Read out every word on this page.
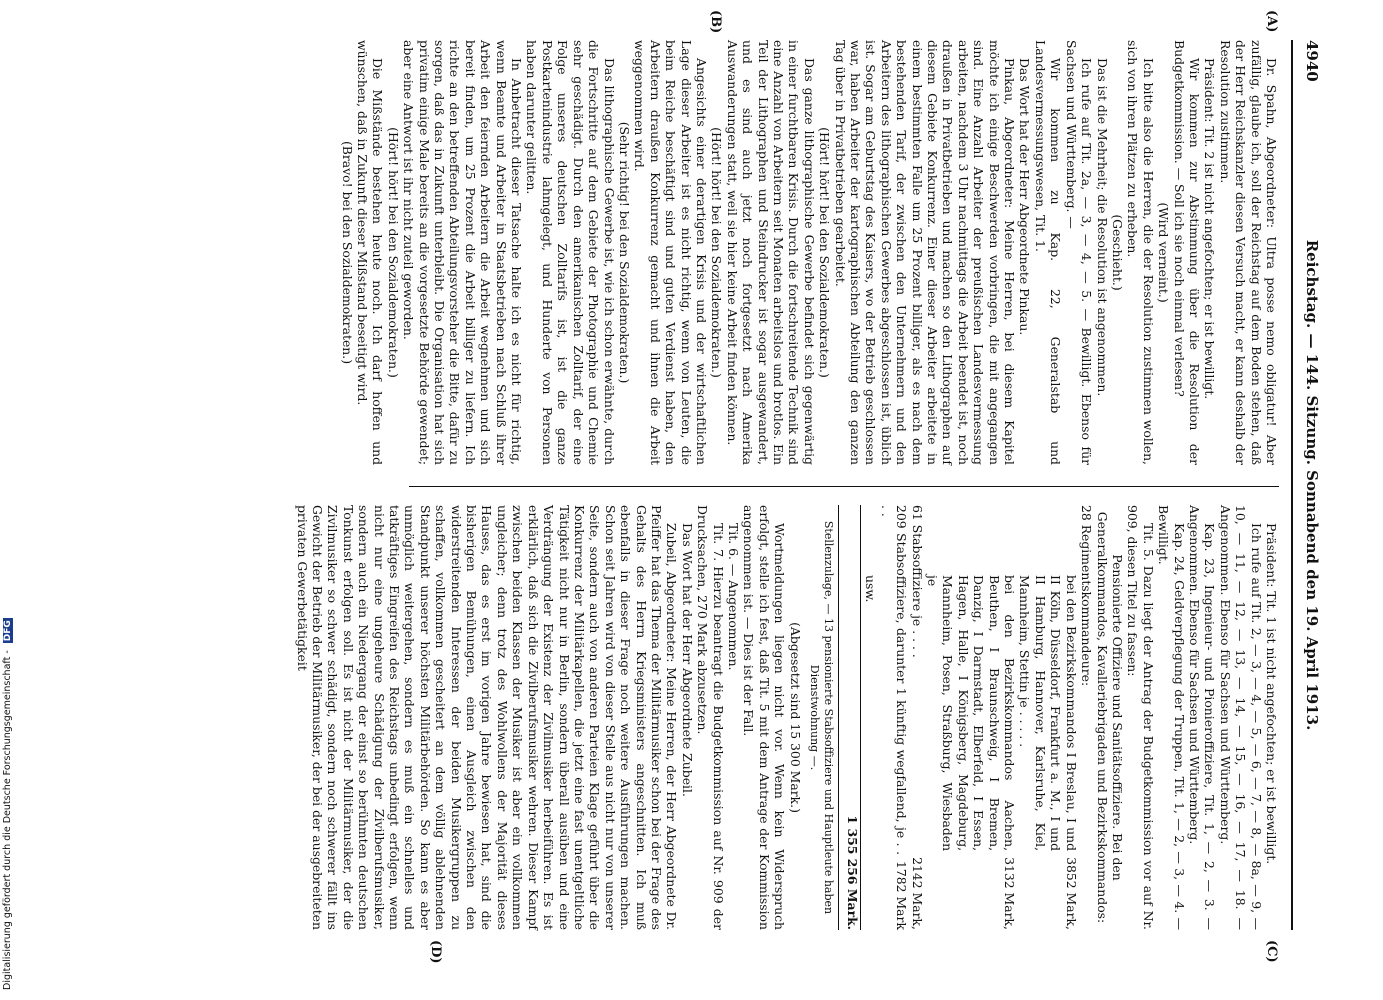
4940
Reichstag. — 144. Sitzung. Sonnabend den 19. April 1913.
(A)
(B)
(C)
(D)

Dr. Spahn, Abgeordneter: Ultra posse nemo obligatur! Aber zufällig, glaube ich, soll der Reichstag auf dem Boden stehen, daß der Herr Reichskanzler diesen Versuch macht, er kann deshalb der Resolution zustimmen.

Präsident: Tit. 2 ist nicht angefochten; er ist bewilligt.

Wir kommen zur Abstimmung über die Resolution der Budgetkommission. — Soll ich sie noch einmal verlesen?

(Wird verneint.)

Ich bitte also die Herren, die der Resolution zustimmen wollen, sich von ihren Plätzen zu erheben.

(Geschieht.)

Das ist die Mehrheit; die Resolution ist angenommen.

Ich rufe auf Tit. 2a, — 3, — 4, — 5. — Bewilligt. Ebenso für Sachsen und Württemberg. —

Wir kommen zu Kap. 22, Generalstab und Landesvermessungswesen, Tit. 1.

Das Wort hat der Herr Abgeordnete Pinkau.

Pinkau, Abgeordneter: Meine Herren, bei diesem Kapitel möchte ich einige Beschwerden vorbringen, die mit angegangen sind. Eine Anzahl Arbeiter der preußischen Landesvermessung arbeiten, nachdem 3 Uhr nachmittags die Arbeit beendet ist, noch draußen in Privatbetrieben und machen so den Lithographen auf diesem Gebiete Konkurrenz. Einer dieser Arbeiter arbeitete in einem bestimmten Falle um 25 Prozent billiger, als es nach dem bestehenden Tarif, der zwischen den Unternehmern und den Arbeitern des lithographischen Gewerbes abgeschlossen ist, üblich ist. Sogar am Geburtstag des Kaisers, wo der Betrieb geschlossen war, haben Arbeiter der kartographischen Abteilung den ganzen Tag über in Privatbetrieben gearbeitet.

(Hört! hört! bei den Sozialdemokraten.)

Das ganze lithographische Gewerbe befindet sich gegenwärtig in einer furchtbaren Krisis. Durch die fortschreitende Technik sind eine Anzahl von Arbeitern seit Monaten arbeitslos und brotlos. Ein Teil der Lithographen und Steindrucker ist sogar ausgewandert, und es sind auch jetzt noch fortgesetzt nach Amerika Auswanderungen statt, weil sie hier keine Arbeit finden können.

(Hört! hört! bei den Sozialdemokraten.)

Angesichts einer derartigen Krisis und der wirtschaftlichen Lage dieser Arbeiter ist es nicht richtig, wenn von Leuten, die beim Reiche beschäftigt sind und guten Verdienst haben, den Arbeitern draußen Konkurrenz gemacht und ihnen die Arbeit weggenommen wird.

(Sehr richtig! bei den Sozialdemokraten.)

Das lithographische Gewerbe ist, wie ich schon erwähnte, durch die Fortschritte auf dem Gebiete der Photographie und Chemie sehr geschädigt. Durch den amerikanischen Zolltarif, der eine Folge unseres deutschen Zolltarifs ist, ist die ganze Postkartenindustrie lahmgelegt, und Hunderte von Personen haben darunter gelitten.

In Anbetracht dieser Tatsache halte ich es nicht für richtig, wenn Beamte und Arbeiter in Staatsbetrieben nach Schluß ihrer Arbeit den feiernden Arbeitern die Arbeit wegnehmen und sich bereit finden, um 25 Prozent die Arbeit billiger zu liefern. Ich richte an den betreffenden Abteilungsvorsteher die Bitte, dafür zu sorgen, daß das in Zukunft unterbleibt. Die Organisation hat sich privatim einige Male bereits an die vorgesetzte Behörde gewendet; aber eine Antwort ist ihr nicht zuteil geworden.

(Hört! hört! bei den Sozialdemokraten.)

Die Mißstände bestehen heute noch. Ich darf hoffen und wünschen, daß in Zukunft dieser Mißstand beseitigt wird.

(Bravo! bei den Sozialdemokraten.)

Präsident: Tit. 1 ist nicht angefochten; er ist bewilligt.

Ich rufe auf Tit. 2, — 3, — 4, — 5, — 6, — 7, — 8, — 8a, — 9, — 10, — 11, — 12, — 13, — 14, — 15, — 16, — 17, — 18. — Angenommen. Ebenso für Sachsen und Württemberg.

Kap. 23, Ingenieur- und Pionieroffiziere, Tit. 1, — 2, — 3. — Angenommen. Ebenso für Sachsen und Württemberg.

Kap. 24, Geldverpflegung der Truppen, Tit. 1, — 2, — 3, — 4. — Bewilligt.

Tit. 5. Dazu liegt der Antrag der Budgetkommission vor auf Nr. 909, diesen Titel zu fassen:

Pensionierte Offiziere und Sanitätsoffiziere. Bei den Generalkommandos, Kavalleriebrigaden und Bezirkskommandos:

28 Regimentskommandeure:

bei den Bezirkskommandos I Breslau, I und II Köln, Düsseldorf, Frankfurt a. M., I und II Hamburg, Hannover, Karlsruhe, Kiel, Mannheim, Stettin je . . . . .
3852 Mark,
bei den Bezirkskommandos Aachen, Beuthen, I Braunschweig, I Bremen, Danzig, I Darmstadt, Elberfeld, I Essen, Hagen, Halle, I Königsberg, Magdeburg, Mannheim, Posen, Straßburg, Wiesbaden je
3132 Mark,
61 Stabsoffiziere je . . . .
2142 Mark,
209 Stabsoffiziere, darunter 1 künftig wegfallend, je . . . .
1782 Mark

usw.

1 355 256 Mark.
Stellenzulage, — 13 pensionierte Stabsoffiziere und Hauptleute haben Dienstwohnung —.

(Abgesetzt sind 15 300 Mark.)

Wortmeldungen liegen nicht vor. Wenn kein Widerspruch erfolgt, stelle ich fest, daß Tit. 5 mit dem Antrage der Kommission angenommen ist. — Dies ist der Fall.

Tit. 6. — Angenommen.

Tit. 7. Hierzu beantragt die Budgetkommission auf Nr. 909 der Drucksachen, 270 Mark abzusetzen.

Das Wort hat der Herr Abgeordnete Zubeil.

Zubeil, Abgeordneter: Meine Herren, der Herr Abgeordnete Dr. Pfeiffer hat das Thema der Militärmusiker schon bei der Frage des Gehalts des Herrn Kriegsministers angeschnitten. Ich muß ebenfalls in dieser Frage noch weitere Ausführungen machen. Schon seit Jahren wird von dieser Stelle aus nicht nur von unserer Seite, sondern auch von anderen Parteien Klage geführt über die Konkurrenz der Militärkapellen, die jetzt eine fast unentgeltliche Tätigkeit nicht nur in Berlin, sondern überall ausüben und eine Verdrängung der Existenz der Zivilmusiker herbeiführen. Es ist erklärlich, daß sich die Zivilberufsmusiker wehren. Dieser Kampf zwischen beiden Klassen der Musiker ist aber ein vollkommen ungleicher; denn trotz des Wohlwollens der Majorität dieses Hauses, das es erst im vorigen Jahre bewiesen hat, sind die bisherigen Bemühungen, einen Ausgleich zwischen den widerstreitenden Interessen der beiden Musikergruppen zu schaffen, vollkommen gescheitert an dem völlig ablehnenden Standpunkt unserer höchsten Militärbehörden. So kann es aber unmöglich weitergehen, sondern es muß ein schnelles und tatkräftiges Eingreifen des Reichstags unbedingt erfolgen, wenn nicht nur eine ungeheure Schädigung der Zivilberufsmusiker, sondern auch ein Niedergang der einst so berühmten deutschen Tonkunst erfolgen soll. Es ist nicht der Militärmusiker, der die Zivilmusiker so schwer schädigt, sondern noch schwerer fällt ins Gewicht der Betrieb der Militärmusiker, der bei der ausgebreiteten privaten Gewerbetätigkeit

Digitalisierung gefördert durch die Deutsche Forschungsgemeinschaft - DFG
